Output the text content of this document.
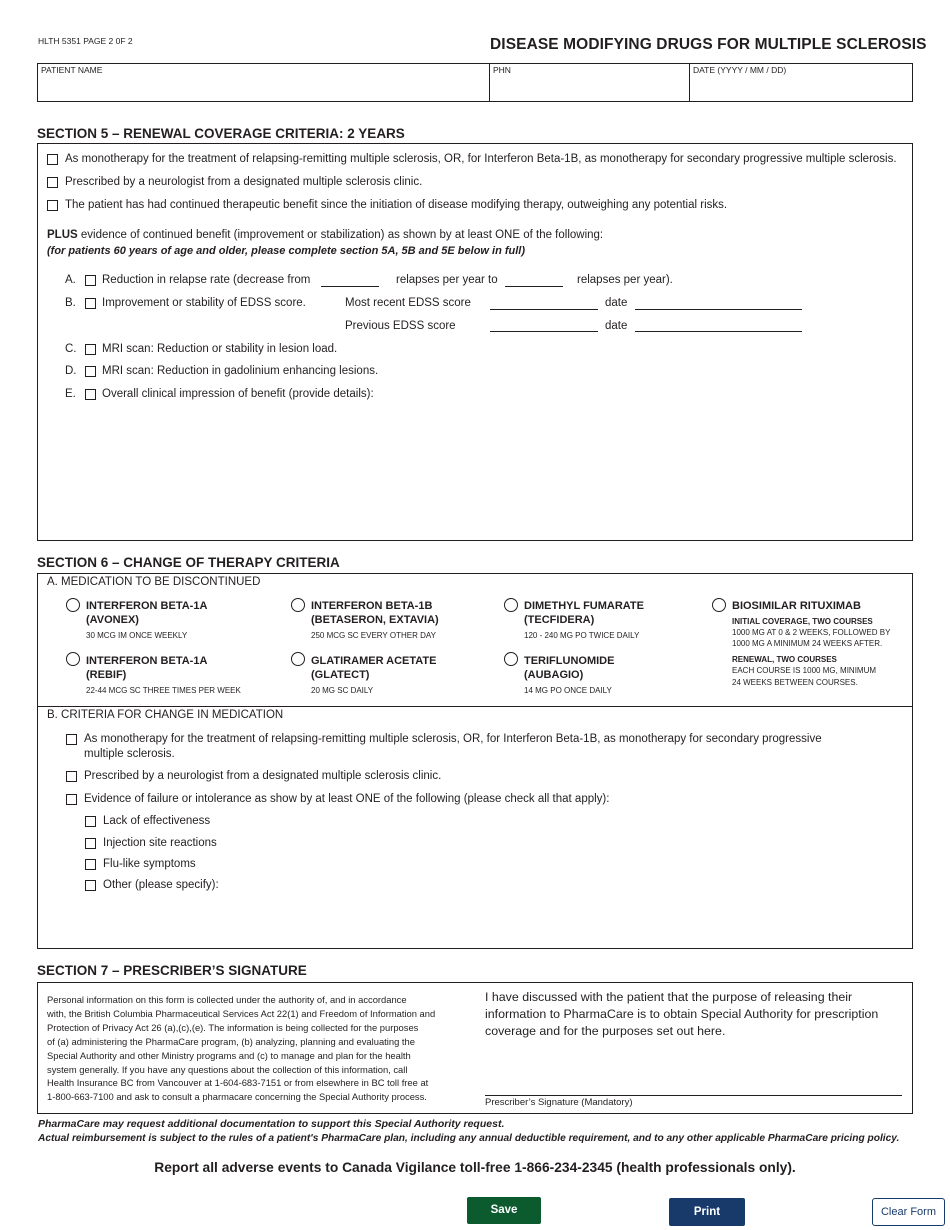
HLTH 5351 PAGE 2 0F 2	DISEASE MODIFYING DRUGS FOR MULTIPLE SCLEROSIS
PATIENT NAME	PHN	DATE (YYYY / MM / DD)
SECTION 5 – RENEWAL COVERAGE CRITERIA: 2 YEARS
As monotherapy for the treatment of relapsing-remitting multiple sclerosis, OR, for Interferon Beta-1B, as monotherapy for secondary progressive multiple sclerosis.
Prescribed by a neurologist from a designated multiple sclerosis clinic.
The patient has had continued therapeutic benefit since the initiation of disease modifying therapy, outweighing any potential risks.
PLUS evidence of continued benefit (improvement or stabilization) as shown by at least ONE of the following:
(for patients 60 years of age and older, please complete section 5A, 5B and 5E below in full)
A. Reduction in relapse rate (decrease from	relapses per year to	relapses per year).
B. Improvement or stability of EDSS score.	Most recent EDSS score	date
Previous EDSS score	date
C. MRI scan: Reduction or stability in lesion load.
D. MRI scan: Reduction in gadolinium enhancing lesions.
E. Overall clinical impression of benefit (provide details):
SECTION 6 – CHANGE OF THERAPY CRITERIA
A. MEDICATION TO BE DISCONTINUED
INTERFERON BETA-1A
(AVONEX)
30 MCG IM ONCE WEEKLY
INTERFERON BETA-1B
(BETASERON, EXTAVIA)
250 MCG SC EVERY OTHER DAY
DIMETHYL FUMARATE
(TECFIDERA)
120 - 240 MG PO TWICE DAILY
BIOSIMILAR RITUXIMAB
INITIAL COVERAGE, TWO COURSES
1000 MG AT 0 & 2 WEEKS, FOLLOWED BY
1000 MG A MINIMUM 24 WEEKS AFTER.
RENEWAL, TWO COURSES
EACH COURSE IS 1000 MG, MINIMUM
24 WEEKS BETWEEN COURSES.
INTERFERON BETA-1A
(REBIF)
22-44 MCG SC THREE TIMES PER WEEK
GLATIRAMER ACETATE
(GLATECT)
20 MG SC DAILY
TERIFLUNOMIDE
(AUBAGIO)
14 MG PO ONCE DAILY
B. CRITERIA FOR CHANGE IN MEDICATION
As monotherapy for the treatment of relapsing-remitting multiple sclerosis, OR, for Interferon Beta-1B, as monotherapy for secondary progressive
multiple sclerosis.
Prescribed by a neurologist from a designated multiple sclerosis clinic.
Evidence of failure or intolerance as show by at least ONE of the following (please check all that apply):
Lack of effectiveness
Injection site reactions
Flu-like symptoms
Other (please specify):
SECTION 7 – PRESCRIBER’S SIGNATURE
Personal information on this form is collected under the authority of, and in accordance
with, the British Columbia Pharmaceutical Services Act 22(1) and Freedom of Information and
Protection of Privacy Act 26 (a),(c),(e). The information is being collected for the purposes
of (a) administering the PharmaCare program, (b) analyzing, planning and evaluating the
Special Authority and other Ministry programs and (c) to manage and plan for the health
system generally. If you have any questions about the collection of this information, call
Health Insurance BC from Vancouver at 1-604-683-7151 or from elsewhere in BC toll free at
1-800-663-7100 and ask to consult a pharmacare concerning the Special Authority process.
I have discussed with the patient that the purpose of releasing their information to PharmaCare is to obtain Special Authority for prescription coverage and for the purposes set out here.
Prescriber’s Signature (Mandatory)
PharmaCare may request additional documentation to support this Special Authority request.
Actual reimbursement is subject to the rules of a patient's PharmaCare plan, including any annual deductible requirement, and to any other applicable PharmaCare pricing policy.
Report all adverse events to Canada Vigilance toll-free 1-866-234-2345 (health professionals only).
Save	Print	Clear Form
